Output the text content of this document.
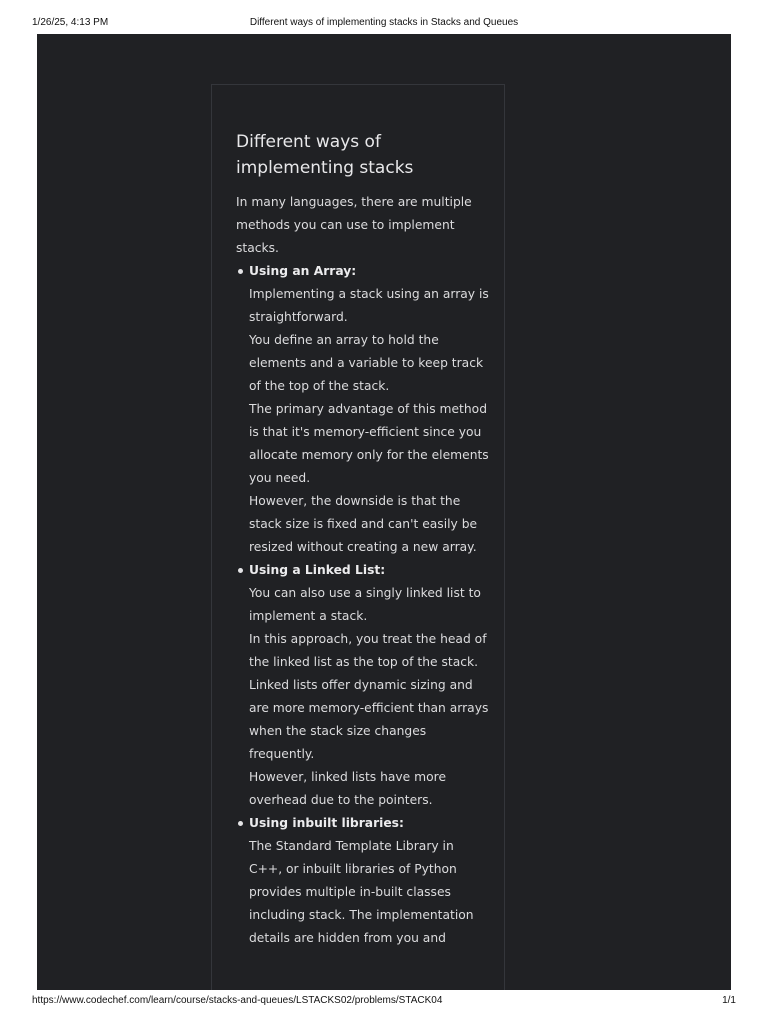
1/26/25, 4:13 PM	Different ways of implementing stacks in Stacks and Queues
Different ways of implementing stacks

In many languages, there are multiple methods you can use to implement stacks.

Using an Array:
Implementing a stack using an array is straightforward.
You define an array to hold the elements and a variable to keep track of the top of the stack.
The primary advantage of this method is that it's memory-efficient since you allocate memory only for the elements you need.
However, the downside is that the stack size is fixed and can't easily be resized without creating a new array.
Using a Linked List:
You can also use a singly linked list to implement a stack.
In this approach, you treat the head of the linked list as the top of the stack.
Linked lists offer dynamic sizing and are more memory-efficient than arrays when the stack size changes frequently.
However, linked lists have more overhead due to the pointers.
Using inbuilt libraries:
The Standard Template Library in C++, or inbuilt libraries of Python provides multiple in-built classes including stack. The implementation details are hidden from you and
https://www.codechef.com/learn/course/stacks-and-queues/LSTACKS02/problems/STACK04	1/1
